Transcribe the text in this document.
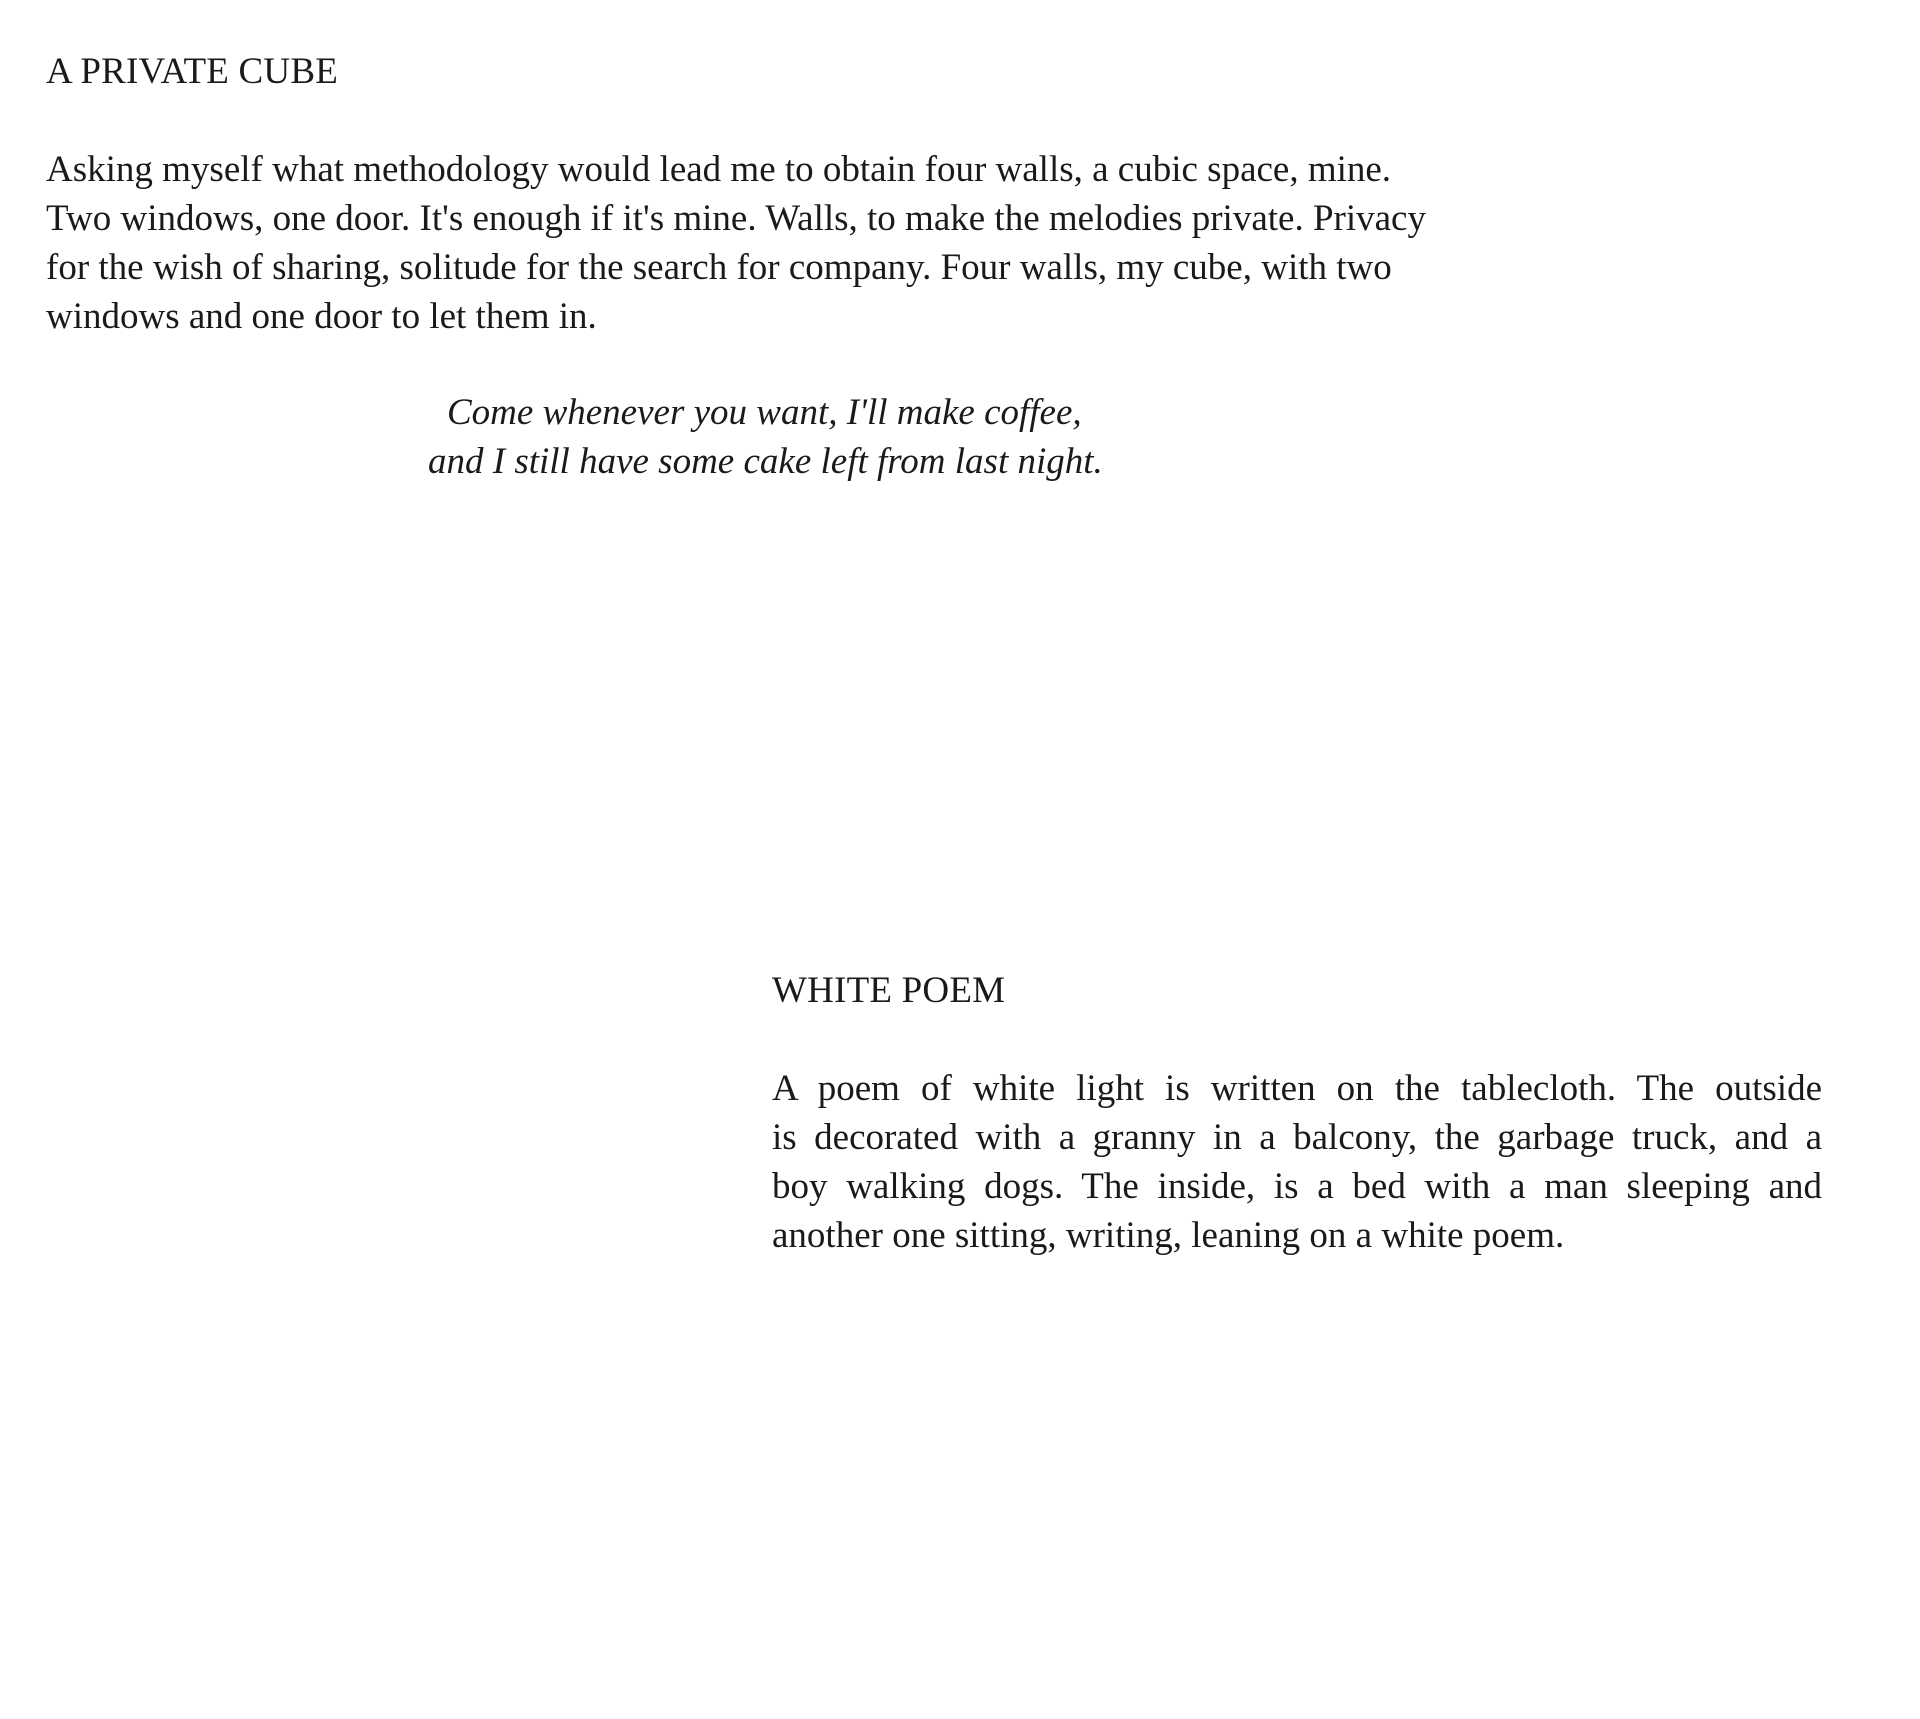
A PRIVATE CUBE

Asking myself what methodology would lead me to obtain four walls, a cubic space, mine.
Two windows, one door. It's enough if it's mine. Walls, to make the melodies private. Privacy
for the wish of sharing, solitude for the search for company. Four walls, my cube, with two
windows and one door to let them in.

Come whenever you want, I'll make coffee,
and I still have some cake left from last night.

WHITE POEM

A poem of white light is written on the tablecloth. The outside
is decorated with a granny in a balcony, the garbage truck, and a
boy walking dogs. The inside, is a bed with a man sleeping and
another one sitting, writing, leaning on a white poem.
